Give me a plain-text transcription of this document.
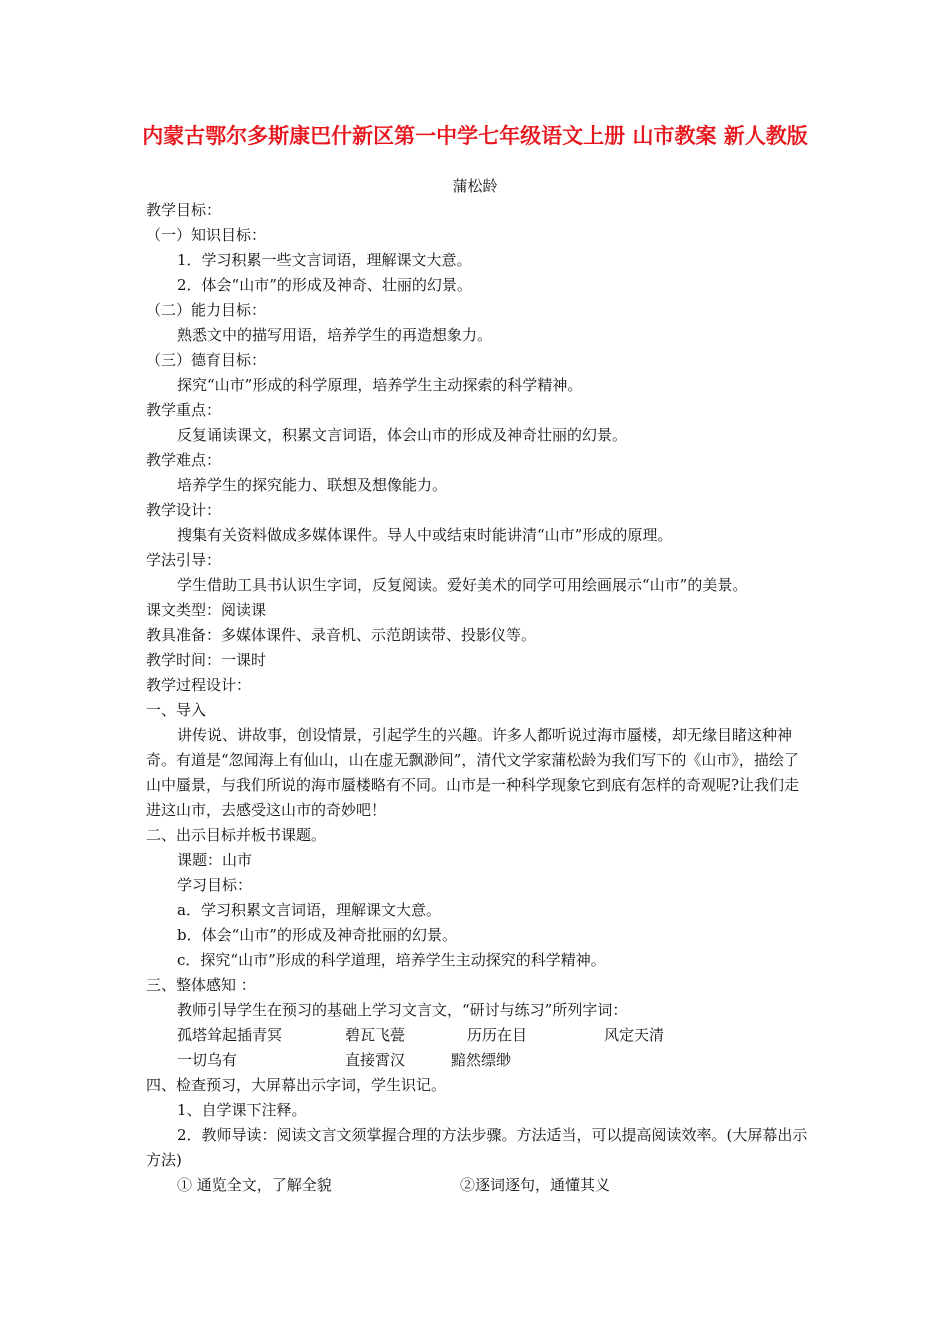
内蒙古鄂尔多斯康巴什新区第一中学七年级语文上册 山市教案 新人教版
蒲松龄
教学目标：
（一）知识目标：
1．学习积累一些文言词语，理解课文大意。
2．体会“山市”的形成及神奇、壮丽的幻景。
（二）能力目标：
熟悉文中的描写用语，培养学生的再造想象力。
（三）德育目标：
探究“山市”形成的科学原理，培养学生主动探索的科学精神。
教学重点：
反复诵读课文，积累文言词语，体会山市的形成及神奇壮丽的幻景。
教学难点：
培养学生的探究能力、联想及想像能力。
教学设计：
搜集有关资料做成多媒体课件。导人中或结束时能讲清“山市”形成的原理。
学法引导：
学生借助工具书认识生字词，反复阅读。爱好美术的同学可用绘画展示“山市”的美景。
课文类型：阅读课
教具准备：多媒体课件、录音机、示范朗读带、投影仪等。
教学时间：一课时
教学过程设计：
一、导入
讲传说、讲故事，创设情景，引起学生的兴趣。许多人都听说过海市蜃楼，却无缘目睹这种神奇。有道是“忽闻海上有仙山，山在虚无飘渺间”，清代文学家蒲松龄为我们写下的《山市》，描绘了山中蜃景，与我们所说的海市蜃楼略有不同。山市是一种科学现象它到底有怎样的奇观呢?让我们走进这山市，去感受这山市的奇妙吧！
二、出示目标并板书课题。
课题：山市
学习目标：
a．学习积累文言词语，理解课文大意。
b．体会“山市”的形成及神奇批丽的幻景。
c．探究“山市”形成的科学道理，培养学生主动探究的科学精神。
三、整体感知 ：
教师引导学生在预习的基础上学习文言文，“研讨与练习”所列字词：
孤塔耸起插青冥	碧瓦飞甍	历历在目	风定天清
一切乌有	直接霄汉	黯然缥缈
四、检查预习，大屏幕出示字词，学生识记。
1、自学课下注释。
2．教师导读：阅读文言文须掌握合理的方法步骤。方法适当，可以提高阅读效率。(大屏幕出示方法)
① 通览全文，了解全貌	②逐词逐句，通懂其义
